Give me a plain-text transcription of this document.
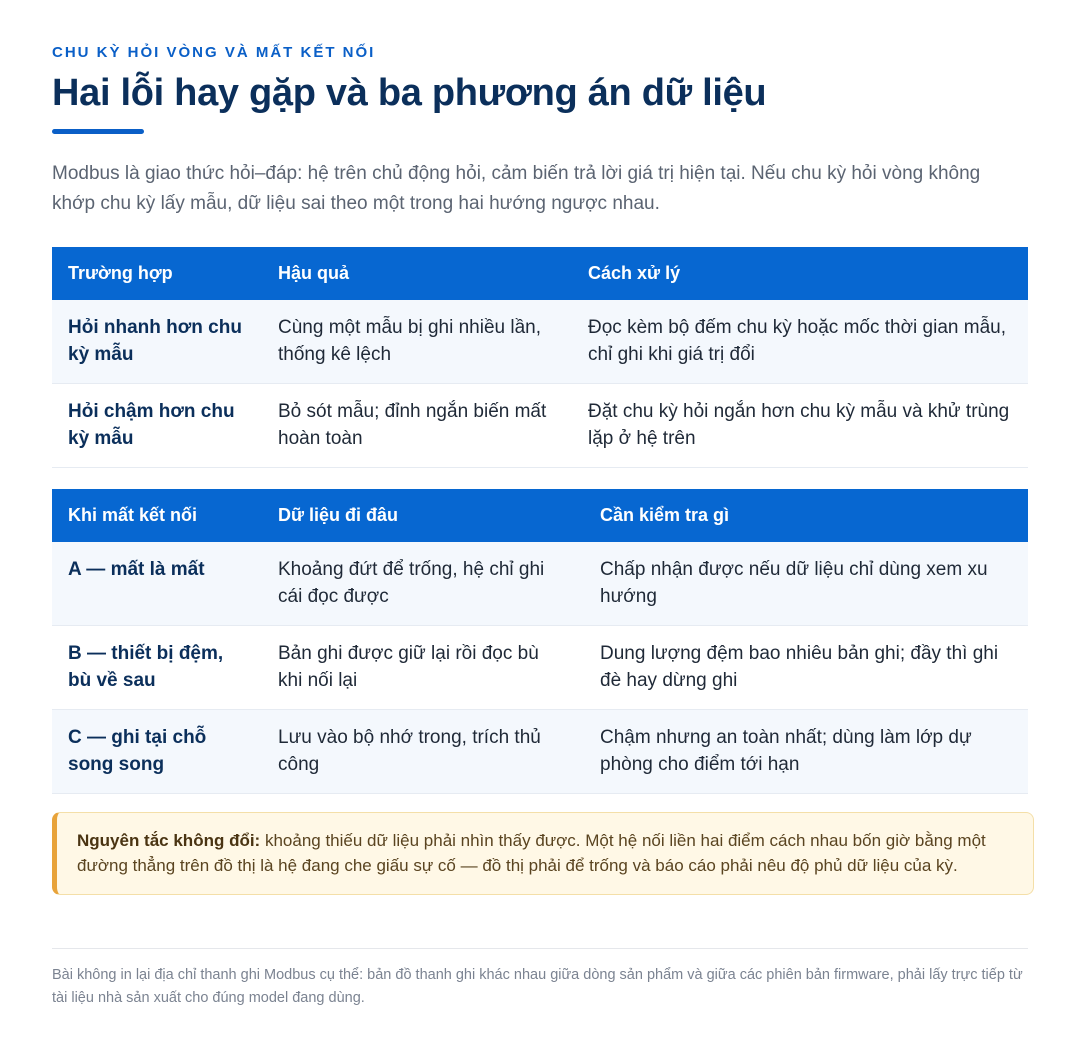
CHU KỲ HỎI VÒNG VÀ MẤT KẾT NỐI
Hai lỗi hay gặp và ba phương án dữ liệu

Modbus là giao thức hỏi–đáp: hệ trên chủ động hỏi, cảm biến trả lời giá trị hiện tại. Nếu chu kỳ hỏi vòng không khớp chu kỳ lấy mẫu, dữ liệu sai theo một trong hai hướng ngược nhau.

Trường hợp	Hậu quả	Cách xử lý
Hỏi nhanh hơn chu kỳ mẫu	Cùng một mẫu bị ghi nhiều lần, thống kê lệch	Đọc kèm bộ đếm chu kỳ hoặc mốc thời gian mẫu, chỉ ghi khi giá trị đổi
Hỏi chậm hơn chu kỳ mẫu	Bỏ sót mẫu; đỉnh ngắn biến mất hoàn toàn	Đặt chu kỳ hỏi ngắn hơn chu kỳ mẫu và khử trùng lặp ở hệ trên
Khi mất kết nối	Dữ liệu đi đâu	Cần kiểm tra gì
A — mất là mất	Khoảng đứt để trống, hệ chỉ ghi cái đọc được	Chấp nhận được nếu dữ liệu chỉ dùng xem xu hướng
B — thiết bị đệm, bù về sau	Bản ghi được giữ lại rồi đọc bù khi nối lại	Dung lượng đệm bao nhiêu bản ghi; đầy thì ghi đè hay dừng ghi
C — ghi tại chỗ song song	Lưu vào bộ nhớ trong, trích thủ công	Chậm nhưng an toàn nhất; dùng làm lớp dự phòng cho điểm tới hạn
Nguyên tắc không đổi: khoảng thiếu dữ liệu phải nhìn thấy được. Một hệ nối liền hai điểm cách nhau bốn giờ bằng một đường thẳng trên đồ thị là hệ đang che giấu sự cố — đồ thị phải để trống và báo cáo phải nêu độ phủ dữ liệu của kỳ.

Bài không in lại địa chỉ thanh ghi Modbus cụ thể: bản đồ thanh ghi khác nhau giữa dòng sản phẩm và giữa các phiên bản firmware, phải lấy trực tiếp từ tài liệu nhà sản xuất cho đúng model đang dùng.
